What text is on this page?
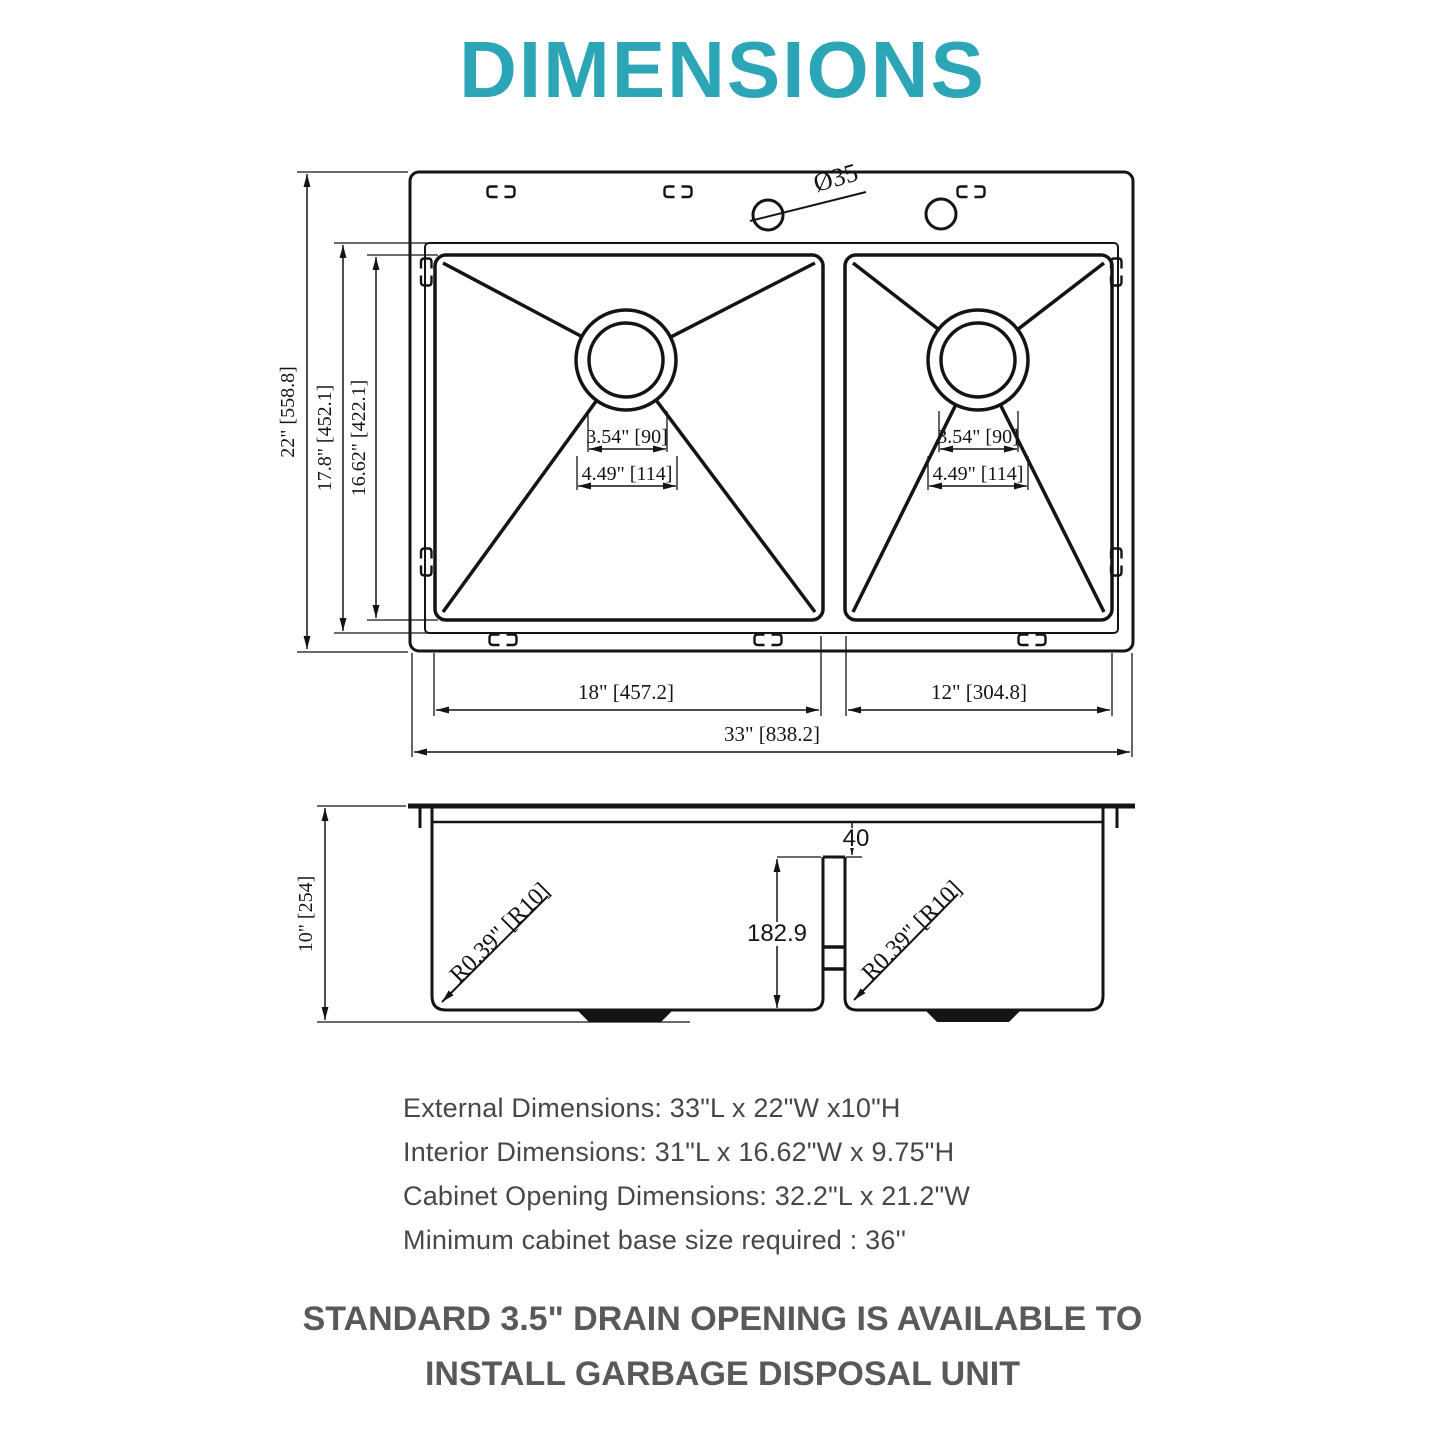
DIMENSIONS
Ø35
22" [558.8] 17.8" [452.1] 16.62" [422.1]
18" [457.2]	12" [304.8]
33" [838.2]
3.54" [90]
4.49" [114]
3.54" [90]
4.49" [114]
10" [254]
40
182.9
R0.39" [R10]	R0.39" [R10]
External Dimensions: 33"L x 22"W x10"H
Interior Dimensions: 31"L x 16.62"W x 9.75"H
Cabinet Opening Dimensions: 32.2"L x 21.2"W
Minimum cabinet base size required : 36''
STANDARD 3.5" DRAIN OPENING IS AVAILABLE TO
INSTALL GARBAGE DISPOSAL UNIT
